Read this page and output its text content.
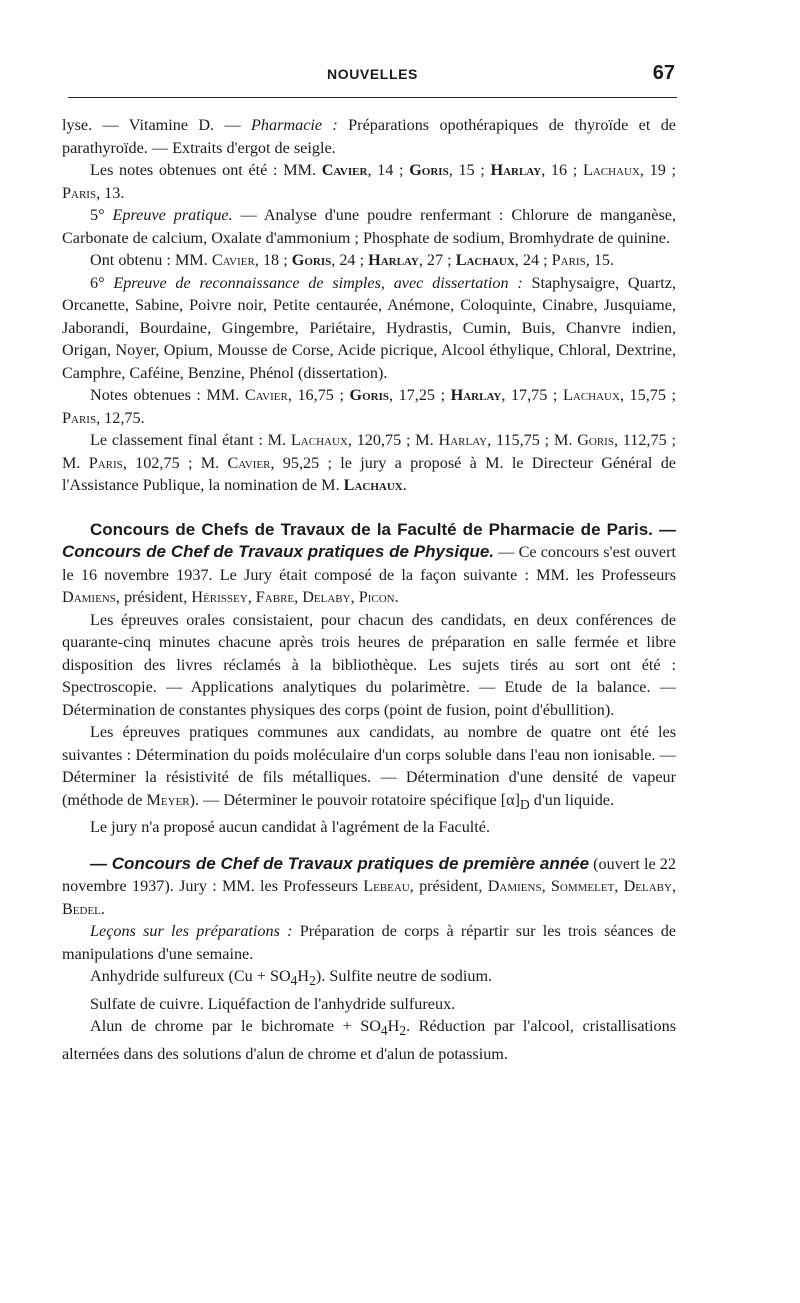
NOUVELLES	67

lyse. — Vitamine D. — Pharmacie : Préparations opothérapiques de thyroïde et de parathyroïde. — Extraits d'ergot de seigle.

Les notes obtenues ont été : MM. Cavier, 14 ; Goris, 15 ; Harlay, 16 ; Lachaux, 19 ; Paris, 13.

5° Epreuve pratique. — Analyse d'une poudre renfermant : Chlorure de manganèse, Carbonate de calcium, Oxalate d'ammonium ; Phosphate de sodium, Bromhydrate de quinine.

Ont obtenu : MM. Cavier, 18 ; Goris, 24 ; Harlay, 27 ; Lachaux, 24 ; Paris, 15.

6° Epreuve de reconnaissance de simples, avec dissertation : Staphysaigre, Quartz, Orcanette, Sabine, Poivre noir, Petite centaurée, Anémone, Coloquinte, Cinabre, Jusquiame, Jaborandi, Bourdaine, Gingembre, Pariétaire, Hydrastis, Cumin, Buis, Chanvre indien, Origan, Noyer, Opium, Mousse de Corse, Acide picrique, Alcool éthylique, Chloral, Dextrine, Camphre, Caféine, Benzine, Phénol (dissertation).

Notes obtenues : MM. Cavier, 16,75 ; Goris, 17,25 ; Harlay, 17,75 ; Lachaux, 15,75 ; Paris, 12,75.

Le classement final étant : M. Lachaux, 120,75 ; M. Harlay, 115,75 ; M. Goris, 112,75 ; M. Paris, 102,75 ; M. Cavier, 95,25 ; le jury a proposé à M. le Directeur Général de l'Assistance Publique, la nomination de M. Lachaux.

Concours de Chefs de Travaux de la Faculté de Pharmacie de Paris. — Concours de Chef de Travaux pratiques de Physique. — Ce concours s'est ouvert le 16 novembre 1937. Le Jury était composé de la façon suivante : MM. les Professeurs Damiens, président, Hérissey, Fabre, Delaby, Picon.

Les épreuves orales consistaient, pour chacun des candidats, en deux conférences de quarante-cinq minutes chacune après trois heures de préparation en salle fermée et libre disposition des livres réclamés à la bibliothèque. Les sujets tirés au sort ont été : Spectroscopie. — Applications analytiques du polarimètre. — Etude de la balance. — Détermination de constantes physiques des corps (point de fusion, point d'ébullition).

Les épreuves pratiques communes aux candidats, au nombre de quatre ont été les suivantes : Détermination du poids moléculaire d'un corps soluble dans l'eau non ionisable. — Déterminer la résistivité de fils métalliques. — Détermination d'une densité de vapeur (méthode de Meyer). — Déterminer le pouvoir rotatoire spécifique $[\alpha]_D$ d'un liquide.

Le jury n'a proposé aucun candidat à l'agrément de la Faculté.

— Concours de Chef de Travaux pratiques de première année (ouvert le 22 novembre 1937). Jury : MM. les Professeurs Lebeau, président, Damiens, Sommelet, Delaby, Bedel.

Leçons sur les préparations : Préparation de corps à répartir sur les trois séances de manipulations d'une semaine.

Anhydride sulfureux $(Cu + SO_4H_2)$. Sulfite neutre de sodium.

Sulfate de cuivre. Liquéfaction de l'anhydride sulfureux.

Alun de chrome par le bichromate + $SO_4H_2$. Réduction par l'alcool, cristallisations alternées dans des solutions d'alun de chrome et d'alun de potassium.
